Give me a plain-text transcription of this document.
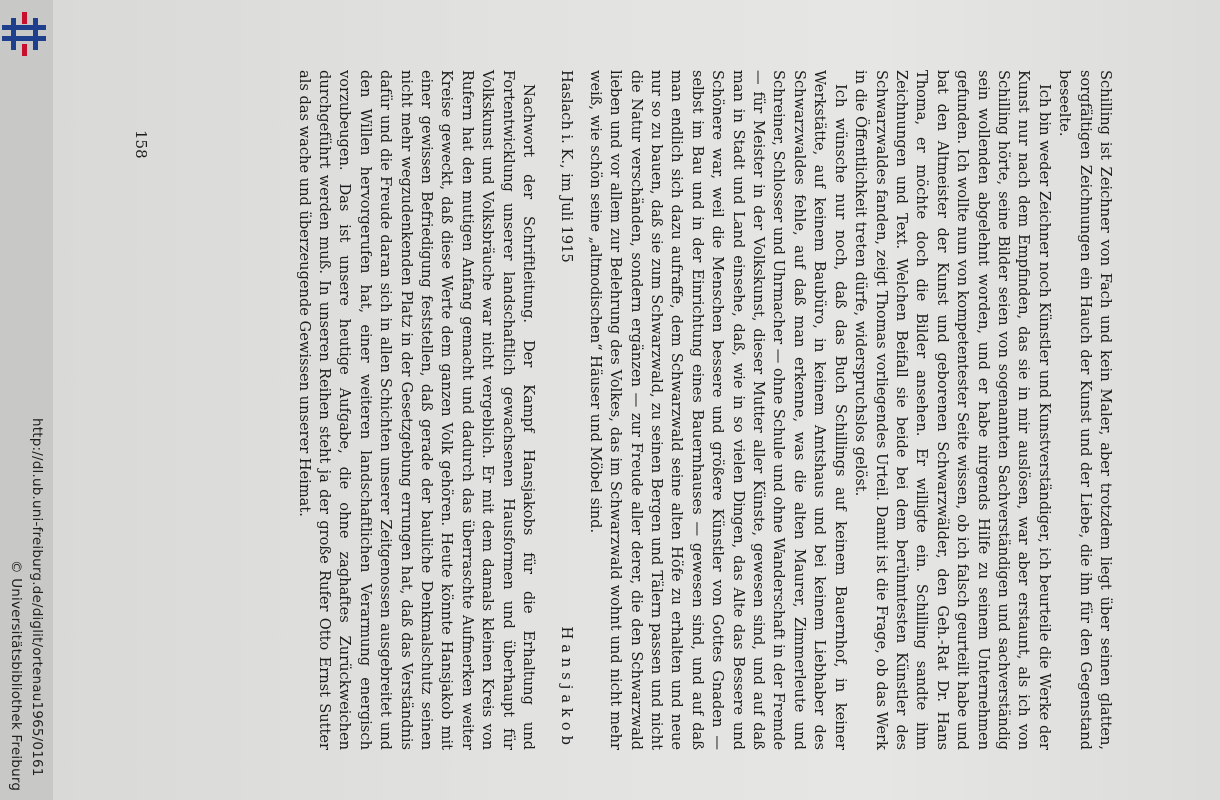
http://dl.ub.uni-freiburg.de/diglit/ortenau1965/0161
© Universitätsbibliothek Freiburg
158	Schilling ist Zeichner von Fach und kein Maler, aber trotzdem liegt über seinen glatten, sorgfältigen Zeichnungen ein Hauch der Kunst und der Liebe, die ihn für den Gegenstand beseelte.

Ich bin weder Zeichner noch Künstler und Kunstverständiger, ich beurteile die Werke der Kunst nur nach dem Empfinden, das sie in mir auslösen, war aber erstaunt, als ich von Schilling hörte, seine Bilder seien von sogenannten Sachverständigen und sachverständig sein wollenden abgelehnt worden, und er habe nirgends Hilfe zu seinem Unternehmen gefunden. Ich wollte nun von kompetentester Seite wissen, ob ich falsch geurteilt habe und bat den Altmeister der Kunst und geborenen Schwarzwälder, den Geh.-Rat Dr. Hans Thoma, er möchte doch die Bilder ansehen. Er willigte ein. Schilling sandte ihm Zeichnungen und Text. Welchen Beifall sie beide bei dem berühmtesten Künstler des Schwarzwaldes fanden, zeigt Thomas vorliegendes Urteil. Damit ist die Frage, ob das Werk in die Öffentlichkeit treten dürfe, widerspruchslos gelöst.

Ich wünsche nur noch, daß das Buch Schillings auf keinem Bauernhof, in keiner Werkstätte, auf keinem Baubüro, in keinem Amtshaus und bei keinem Liebhaber des Schwarzwaldes fehle, auf daß man erkenne, was die alten Maurer, Zimmerleute und Schreiner, Schlosser und Uhrmacher — ohne Schule und ohne Wanderschaft in der Fremde — für Meister in der Volkskunst, dieser Mutter aller Künste, gewesen sind, und auf daß man in Stadt und Land einsehe, daß, wie in so vielen Dingen, das Alte das Bessere und Schönere war, weil die Menschen bessere und größere Künstler von Gottes Gnaden — selbst im Bau und in der Einrichtung eines Bauernhauses — gewesen sind, und auf daß man endlich sich dazu aufraffe, dem Schwarzwald seine alten Höfe zu erhalten und neue nur so zu bauen, daß sie zum Schwarzwald, zu seinen Bergen und Tälern passen und nicht die Natur verschänden, sondern ergänzen — zur Freude aller derer, die den Schwarzwald lieben und vor allem zur Belehrung des Volkes, das im Schwarzwald wohnt und nicht mehr weiß, wie schön seine „altmodischen“ Häuser und Möbel sind.

Haslach i. K., im Juli 1915
Hansjakob

Nachwort der Schriftleitung. Der Kampf Hansjakobs für die Erhaltung und Fortentwicklung unserer landschaftlich gewachsenen Hausformen und überhaupt für Volkskunst und Volksbräuche war nicht vergeblich. Er mit dem damals kleinen Kreis von Rufern hat den mutigen Anfang gemacht und dadurch das überraschte Aufmerken weiter Kreise geweckt, daß diese Werte dem ganzen Volk gehören. Heute könnte Hansjakob mit einer gewissen Befriedigung feststellen, daß gerade der bauliche Denkmalschutz seinen nicht mehr wegzudenkenden Platz in der Gesetzgebung errungen hat, daß das Verständnis dafür und die Freude daran sich in allen Schichten unserer Zeitgenossen ausgebreitet und den Willen hervorgerufen hat, einer weiteren landschaftlichen Verarmung energisch vorzubeugen. Das ist unsere heutige Aufgabe, die ohne zaghaftes Zurückweichen durchgeführt werden muß. In unseren Reihen steht ja der große Rufer Otto Ernst Sutter als das wache und überzeugende Gewissen unserer Heimat.
